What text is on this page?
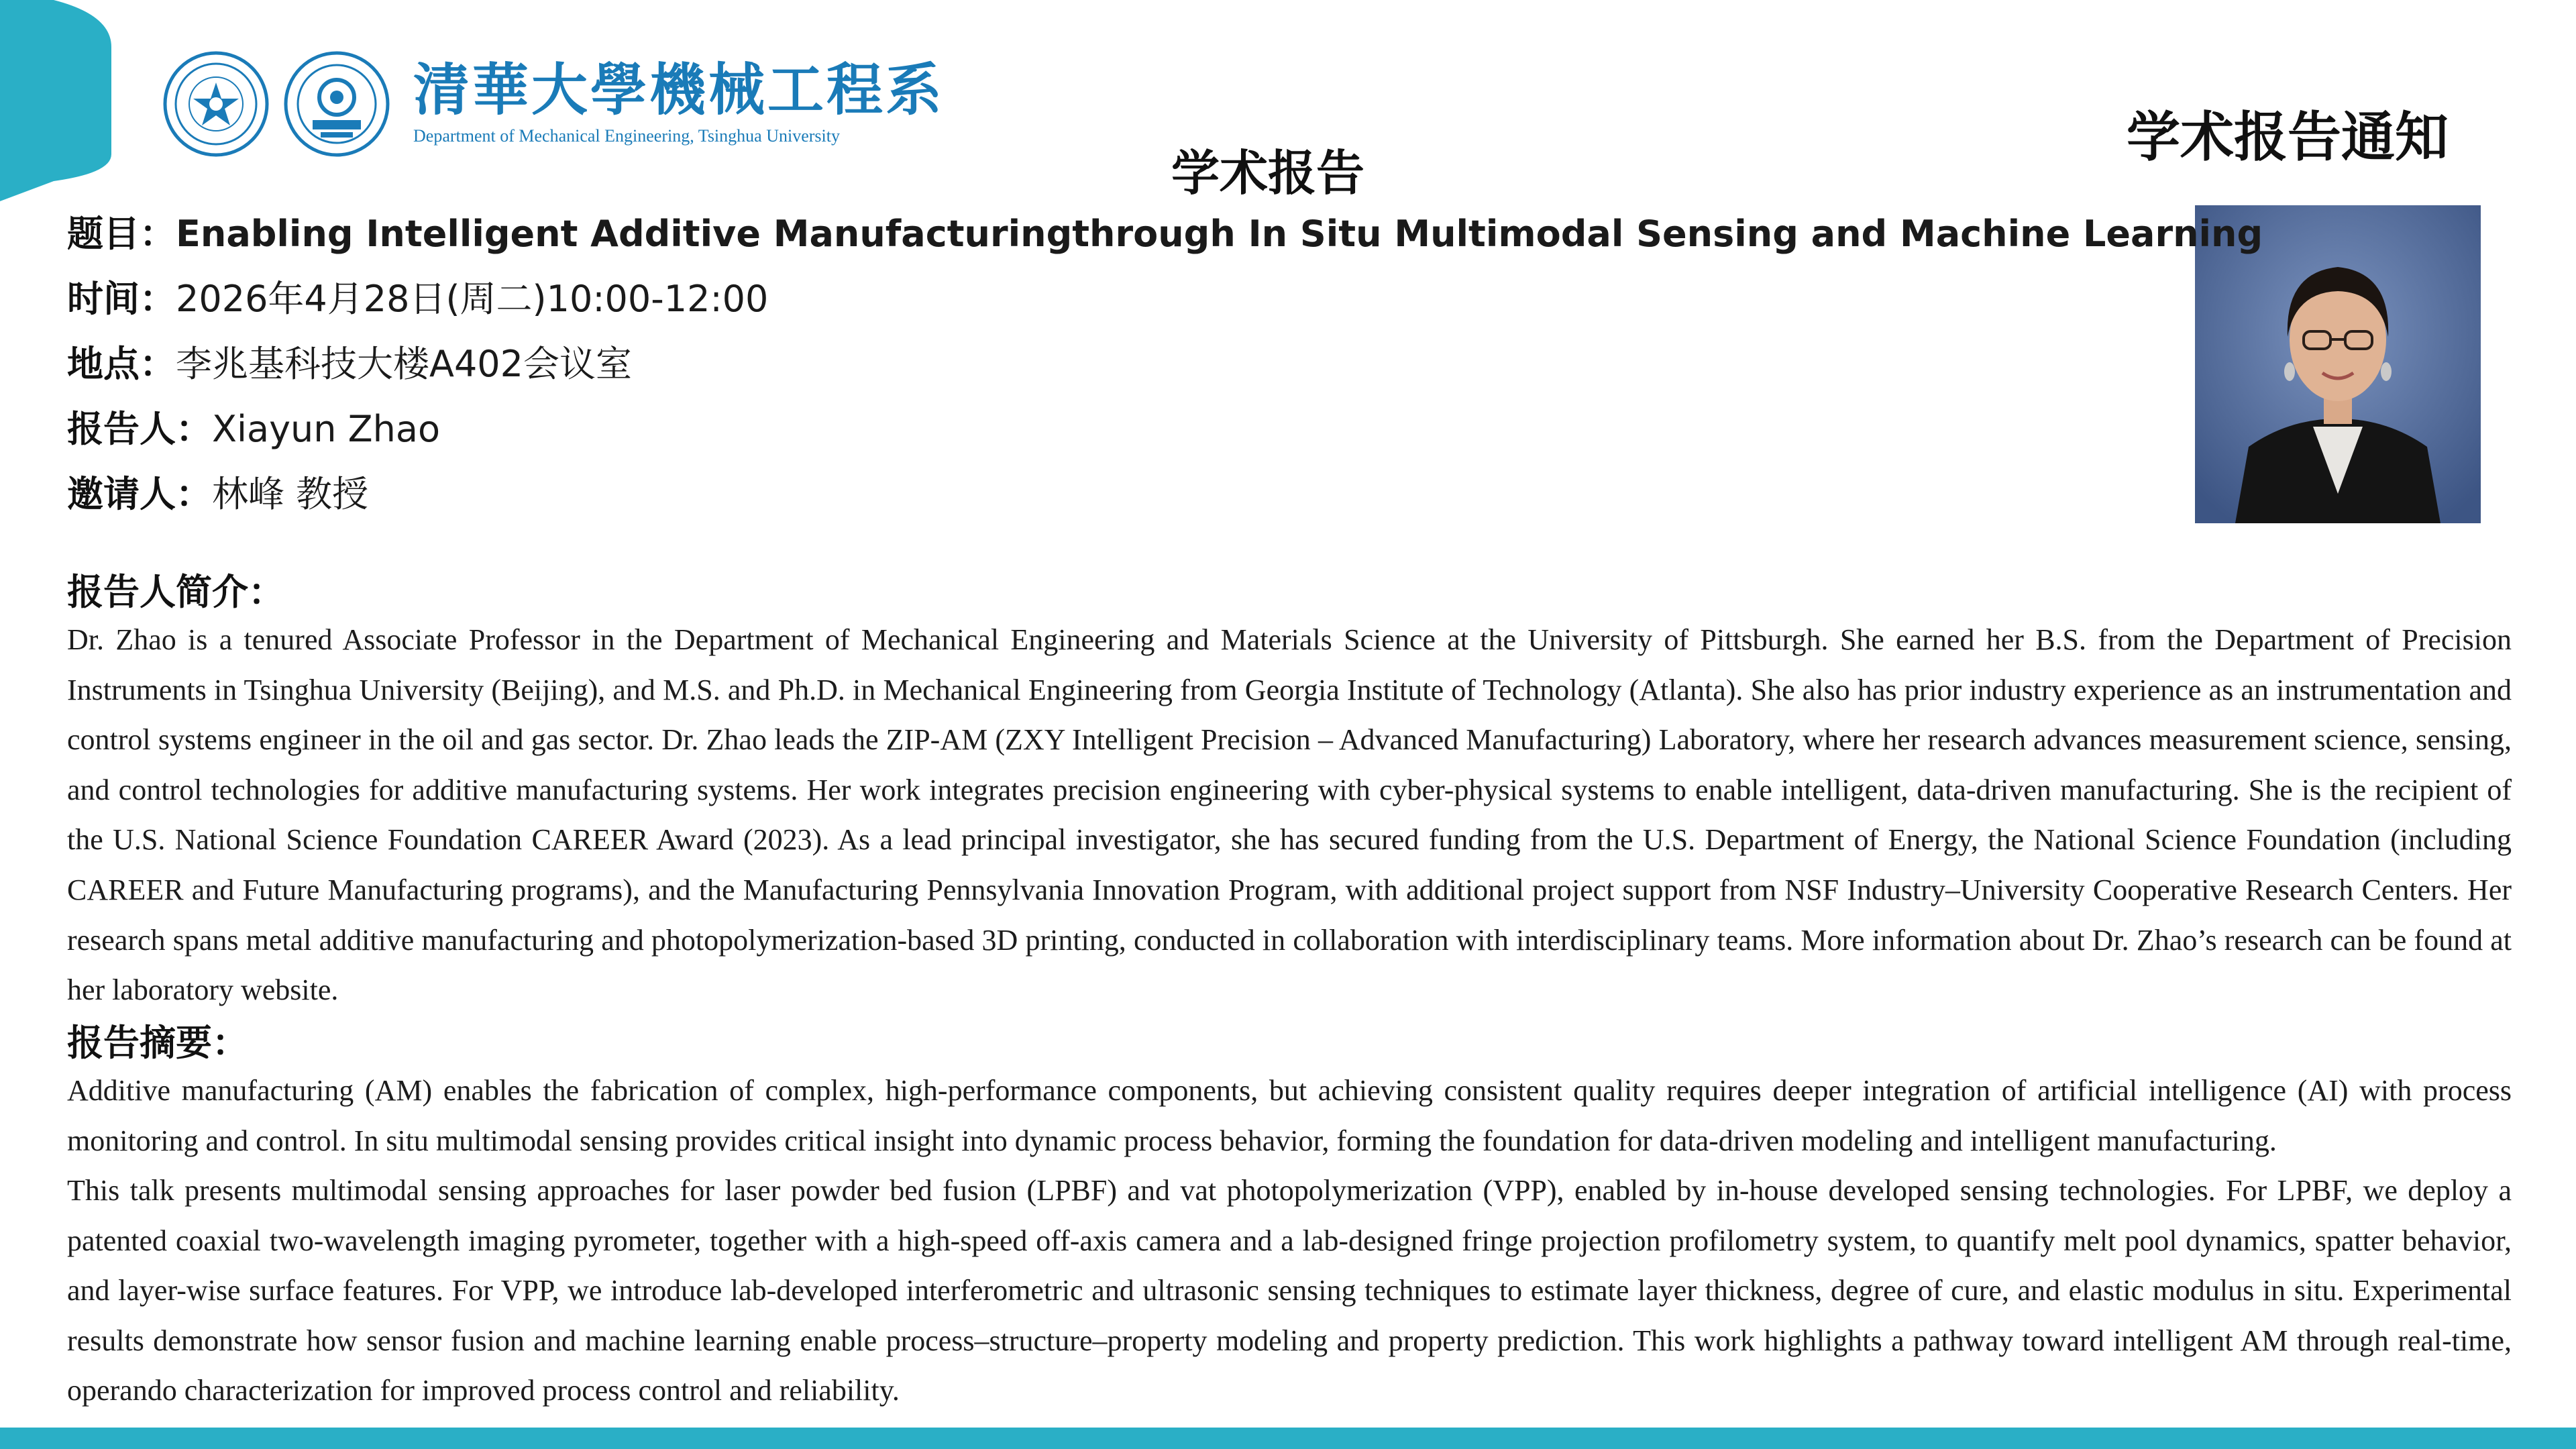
清華大學機械工程系
Department of Mechanical Engineering, Tsinghua University	学术报告通知
学术报告
题目：Enabling Intelligent Additive Manufacturingthrough In Situ Multimodal Sensing and Machine Learning
时间：2026年4月28日(周二)10:00-12:00
地点：李兆基科技大楼A402会议室
报告人：Xiayun Zhao
邀请人：林峰 教授
报告人简介：

Dr. Zhao is a tenured Associate Professor in the Department of Mechanical Engineering and Materials Science at the University of Pittsburgh. She earned her B.S. from the Department of Precision Instruments in Tsinghua University (Beijing), and M.S. and Ph.D. in Mechanical Engineering from Georgia Institute of Technology (Atlanta). She also has prior industry experience as an instrumentation and control systems engineer in the oil and gas sector. Dr. Zhao leads the ZIP-AM (ZXY Intelligent Precision – Advanced Manufacturing) Laboratory, where her research advances measurement science, sensing, and control technologies for additive manufacturing systems. Her work integrates precision engineering with cyber-physical systems to enable intelligent, data-driven manufacturing. She is the recipient of the U.S. National Science Foundation CAREER Award (2023). As a lead principal investigator, she has secured funding from the U.S. Department of Energy, the National Science Foundation (including CAREER and Future Manufacturing programs), and the Manufacturing Pennsylvania Innovation Program, with additional project support from NSF Industry–University Cooperative Research Centers. Her research spans metal additive manufacturing and photopolymerization-based 3D printing, conducted in collaboration with interdisciplinary teams. More information about Dr. Zhao’s research can be found at her laboratory website.

报告摘要：

Additive manufacturing (AM) enables the fabrication of complex, high-performance components, but achieving consistent quality requires deeper integration of artificial intelligence (AI) with process monitoring and control. In situ multimodal sensing provides critical insight into dynamic process behavior, forming the foundation for data-driven modeling and intelligent manufacturing.

This talk presents multimodal sensing approaches for laser powder bed fusion (LPBF) and vat photopolymerization (VPP), enabled by in-house developed sensing technologies. For LPBF, we deploy a patented coaxial two-wavelength imaging pyrometer, together with a high-speed off-axis camera and a lab-designed fringe projection profilometry system, to quantify melt pool dynamics, spatter behavior, and layer-wise surface features. For VPP, we introduce lab-developed interferometric and ultrasonic sensing techniques to estimate layer thickness, degree of cure, and elastic modulus in situ. Experimental results demonstrate how sensor fusion and machine learning enable process–structure–property modeling and property prediction. This work highlights a pathway toward intelligent AM through real-time, operando characterization for improved process control and reliability.
